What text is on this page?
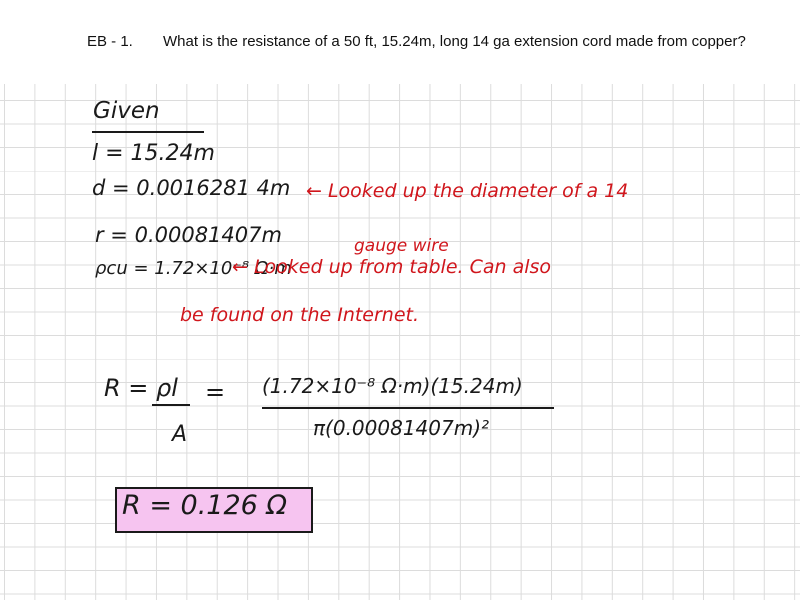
EB - 1. What is the resistance of a 50 ft, 15.24m, long 14 ga extension cord made from copper?
Given
l = 15.24m
d = 0.0016281 4m ← Looked up the diameter of a 14
r = 0.00081407m	gauge wire
ρcu = 1.72×10⁻⁸ Ω·m
← Looked up from table. Can also
be found on the Internet.
R = ρl
A
= (1.72×10⁻⁸ Ω·m)(15.24m)
π(0.00081407m)²
R = 0.126 Ω
